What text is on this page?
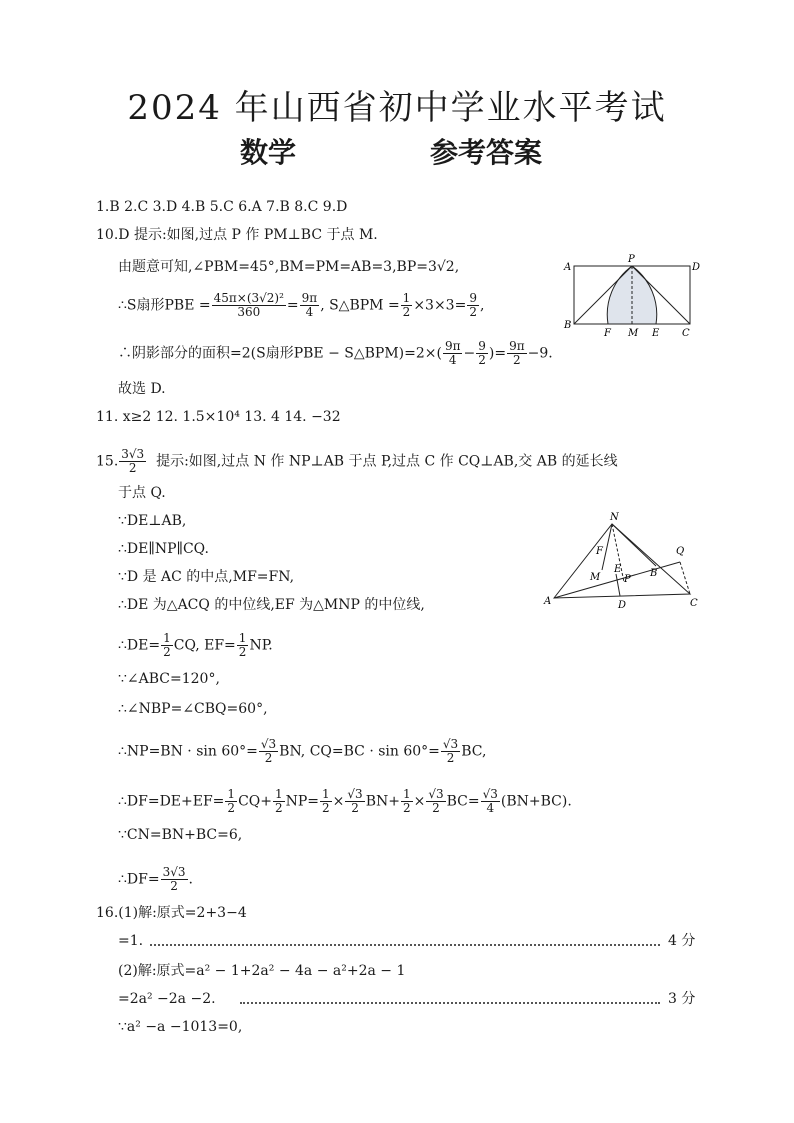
2024 年山西省初中学业水平考试
数学	参考答案
1.B 2.C 3.D 4.B 5.C 6.A 7.B 8.C 9.D
10.D 提示:如图,过点 P 作 PM⊥BC 于点 M.
由题意可知,∠PBM=45°,BM=PM=AB=3,BP=3√2,
∴S扇形PBE = $\frac{\text{45π×(3√2)²}}{360} = \frac{9\pi}{4}$ , S△BPM = $\frac{1}{2} \times 3\times 3= \frac{9}{2}$ ,
∴阴影部分的面积=2(S扇形PBE − S△BPM)=2×( $\frac{9\pi}{4} - \frac{9}{2}$ )= $\frac{9\pi}{2} -9$.
故选 D.
A
P
D
B
F M E C
11. x≥2 12. 1.5×10⁴ 13. 4 14. −32
15. $\frac{3√3}{2}$ 提示:如图,过点 N 作 NP⊥AB 于点 P,过点 C 作 CQ⊥AB,交 AB 的延长线
于点 Q.
∵DE⊥AB,
∴DE∥NP∥CQ.
∵D 是 AC 的中点,MF=FN,
∴DE 为△ACQ 的中位线,EF 为△MNP 的中位线,
∴DE= $\frac{1}{2}$ CQ, $EF= \frac{1}{2}$ NP.
∵∠ABC=120°,
∴∠NBP=∠CBQ=60°,
∴NP=BN · $\sin 60^\circ= \frac{√3}{2}$ BN, $CQ=BC \cdot \sin 60^\circ= \frac{√3}{2}$ BC,
∴DF=DE+EF= $\frac{1}{2} CQ+ \frac{1}{2} NP= \frac{1}{2} \times \frac{√3}{2} BN+ \frac{1}{2} \times \frac{√3}{2} BC= \frac{√3}{4} (BN+BC)$.
∵CN=BN+BC=6,
∴DF= $\frac{3√3}{2}$ .
N
Q
F
E	B
M P
A	D	C
16.(1)解:原式=2+3−4
=1.	4 分
(2)解:原式=a² − 1+2a² − 4a − a²+2a − 1
=2a² −2a −2.	3 分
∵a² −a −1013=0,
